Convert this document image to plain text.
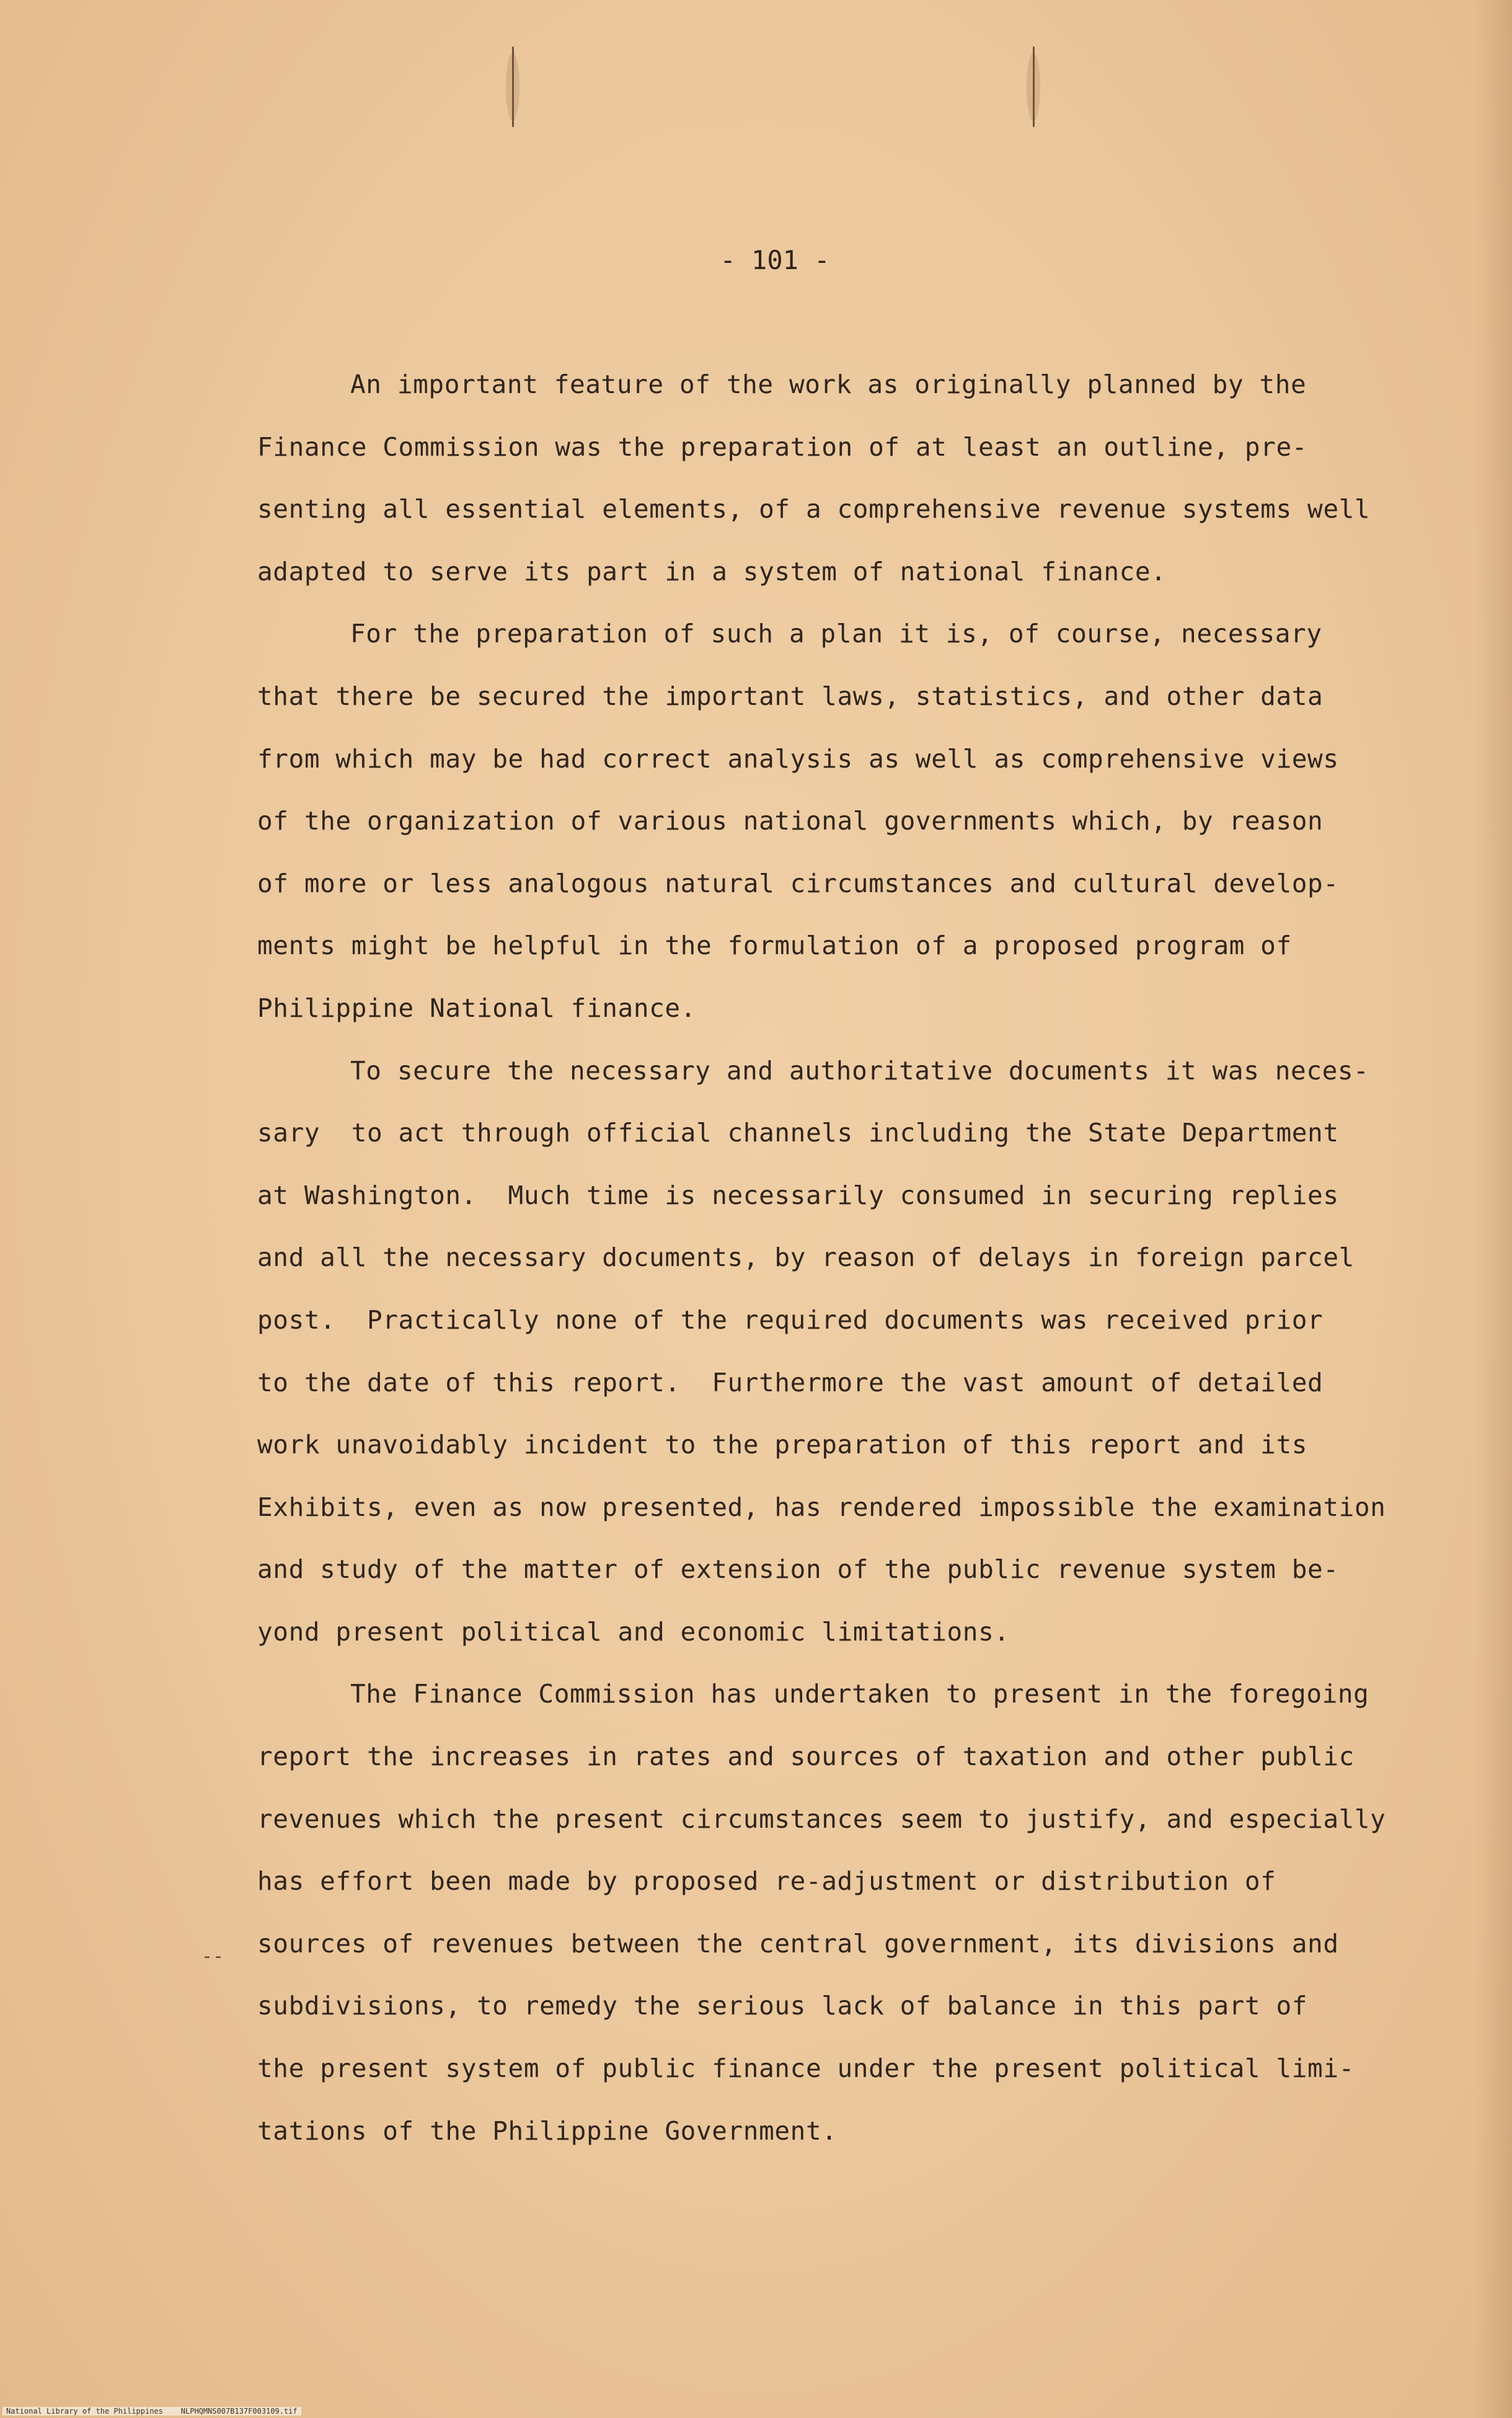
- 101 -
An important feature of the work as originally planned by the
Finance Commission was the preparation of at least an outline, pre-
senting all essential elements, of a comprehensive revenue systems well
adapted to serve its part in a system of national finance.
For the preparation of such a plan it is, of course, necessary
that there be secured the important laws, statistics, and other data
from which may be had correct analysis as well as comprehensive views
of the organization of various national governments which, by reason
of more or less analogous natural circumstances and cultural develop-
ments might be helpful in the formulation of a proposed program of
Philippine National finance.
To secure the necessary and authoritative documents it was neces-
sary  to act through official channels including the State Department
at Washington.  Much time is necessarily consumed in securing replies
and all the necessary documents, by reason of delays in foreign parcel
post.  Practically none of the required documents was received prior
to the date of this report.  Furthermore the vast amount of detailed
work unavoidably incident to the preparation of this report and its
Exhibits, even as now presented, has rendered impossible the examination
and study of the matter of extension of the public revenue system be-
yond present political and economic limitations.
The Finance Commission has undertaken to present in the foregoing
report the increases in rates and sources of taxation and other public
revenues which the present circumstances seem to justify, and especially
has effort been made by proposed re-adjustment or distribution of
sources of revenues between the central government, its divisions and
subdivisions, to remedy the serious lack of balance in this part of
the present system of public finance under the present political limi-
tations of the Philippine Government.
--
National Library of the Philippines NLPHQMNS007B137F003109.tif
